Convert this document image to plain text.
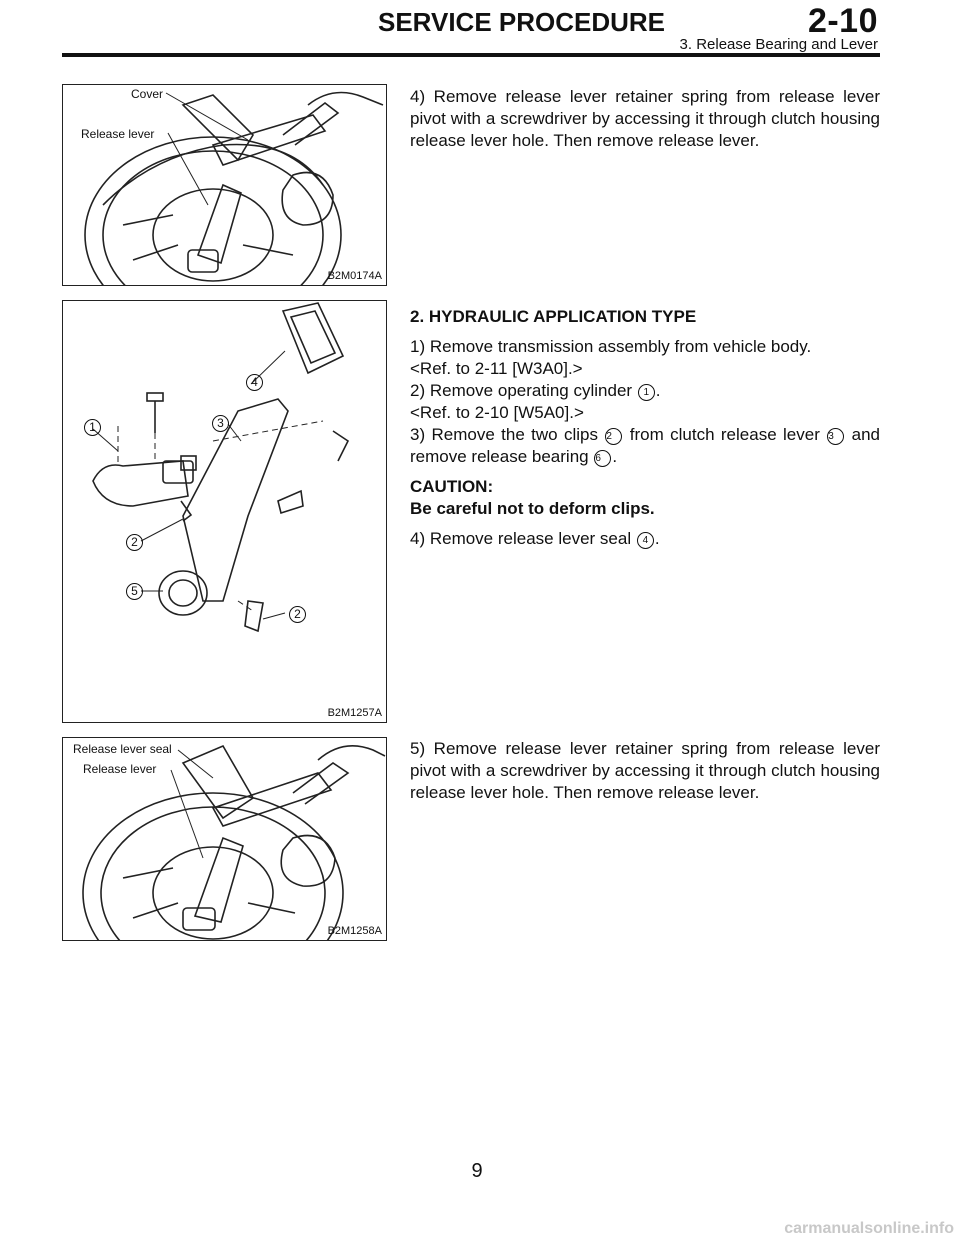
SERVICE PROCEDURE	2-10
3. Release Bearing and Lever
Cover
Release lever
B2M0174A

4) Remove release lever retainer spring from release lever pivot with a screwdriver by accessing it through clutch housing release lever hole. Then remove release lever.

1
2
3
4
5
2
B2M1257A

2. HYDRAULIC APPLICATION TYPE

1) Remove transmission assembly from vehicle body.
<Ref. to 2-11 [W3A0].>
2) Remove operating cylinder 1 .
<Ref. to 2-10 [W5A0].>
3) Remove the two clips 2 from clutch release lever 3 and remove release bearing 6 .

CAUTION:

Be careful not to deform clips.

4) Remove release lever seal 4 .
Release lever seal
Release lever
B2M1258A

5) Remove release lever retainer spring from release lever pivot with a screwdriver by accessing it through clutch housing release lever hole. Then remove release lever.

9
carmanualsonline.info
